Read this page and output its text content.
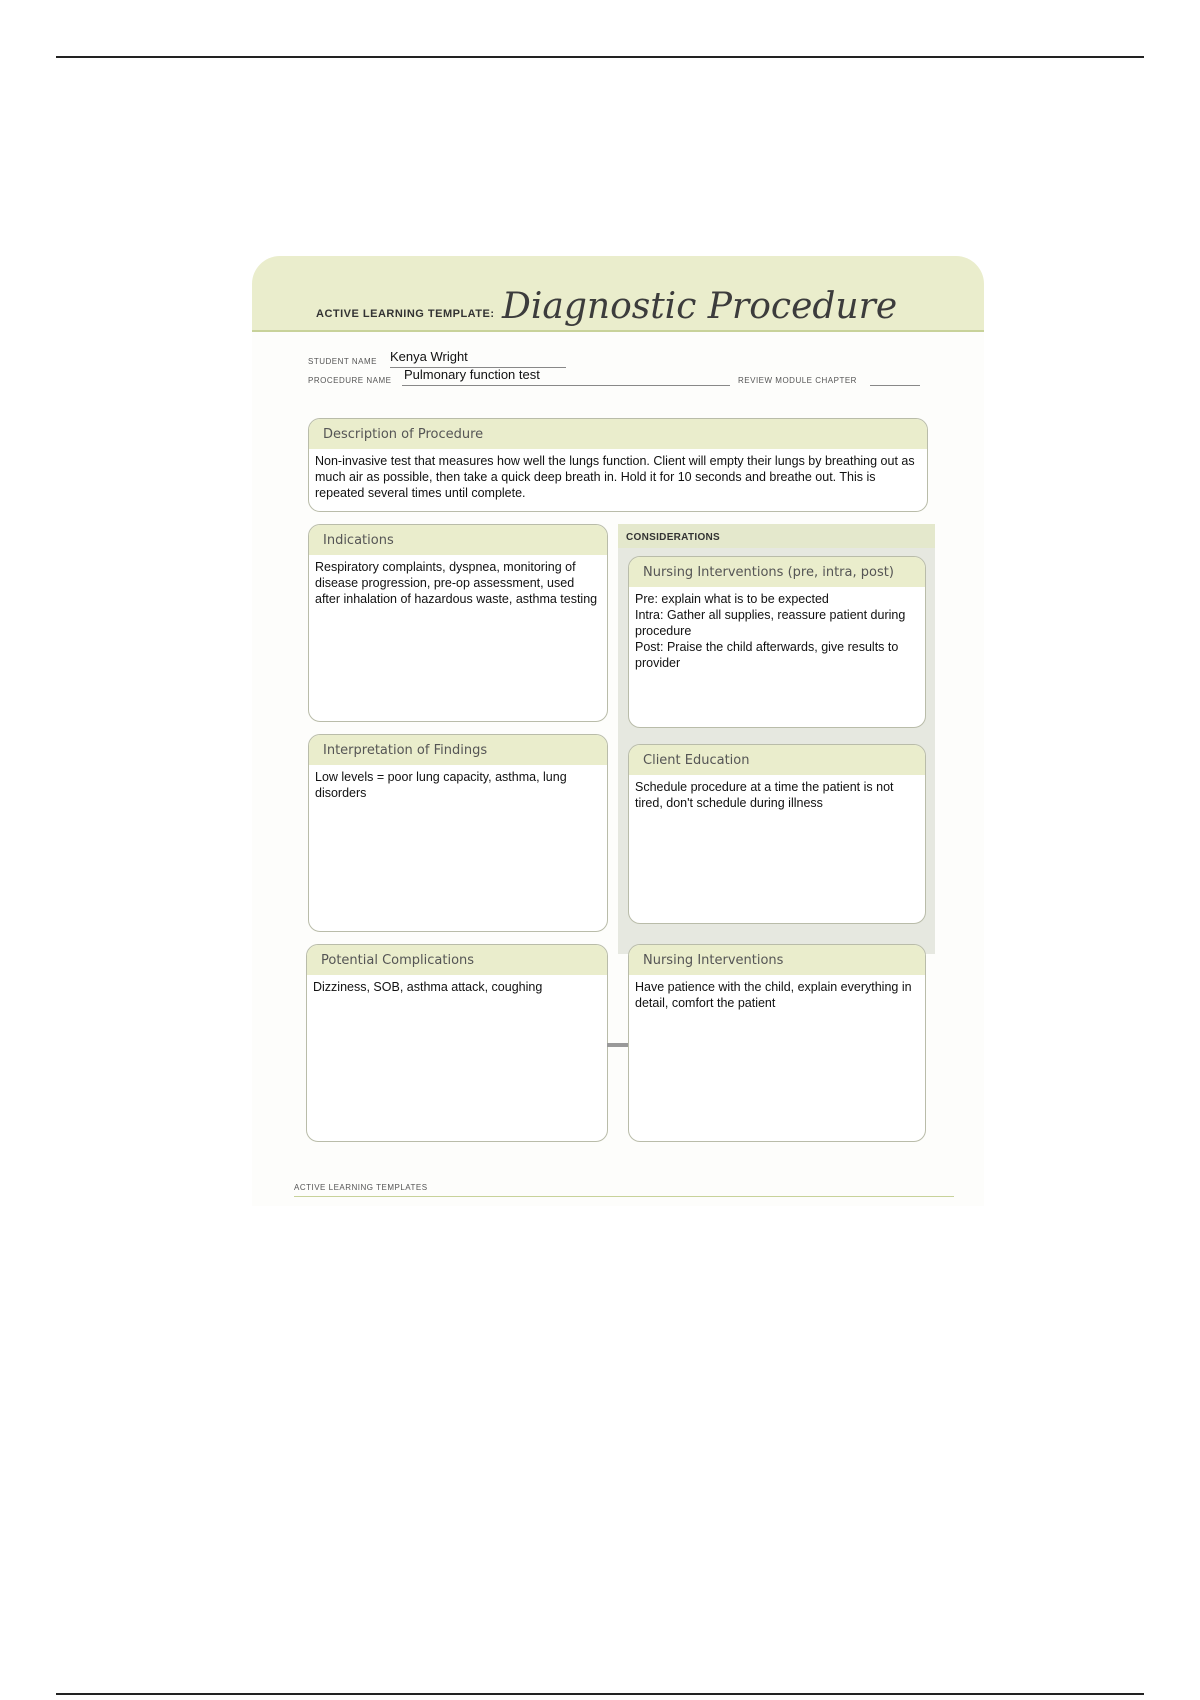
ACTIVE LEARNING TEMPLATE: Diagnostic Procedure
STUDENT NAME Kenya Wright
PROCEDURE NAME Pulmonary function test	REVIEW MODULE CHAPTER
Description of Procedure
Non-invasive test that measures how well the lungs function. Client will empty their lungs by breathing out as much air as possible, then take a quick deep breath in. Hold it for 10 seconds and breathe out. This is repeated several times until complete.
Indications
Respiratory complaints, dyspnea, monitoring of disease progression, pre-op assessment, used after inhalation of hazardous waste, asthma testing
CONSIDERATIONS
Nursing Interventions (pre, intra, post)
Pre: explain what is to be expected
Intra: Gather all supplies, reassure patient during procedure
Post: Praise the child afterwards, give results to provider
Client Education
Schedule procedure at a time the patient is not tired, don't schedule during illness
Interpretation of Findings
Low levels = poor lung capacity, asthma, lung disorders
Potential Complications
Dizziness, SOB, asthma attack, coughing
Nursing Interventions
Have patience with the child, explain everything in detail, comfort the patient
ACTIVE LEARNING TEMPLATES
